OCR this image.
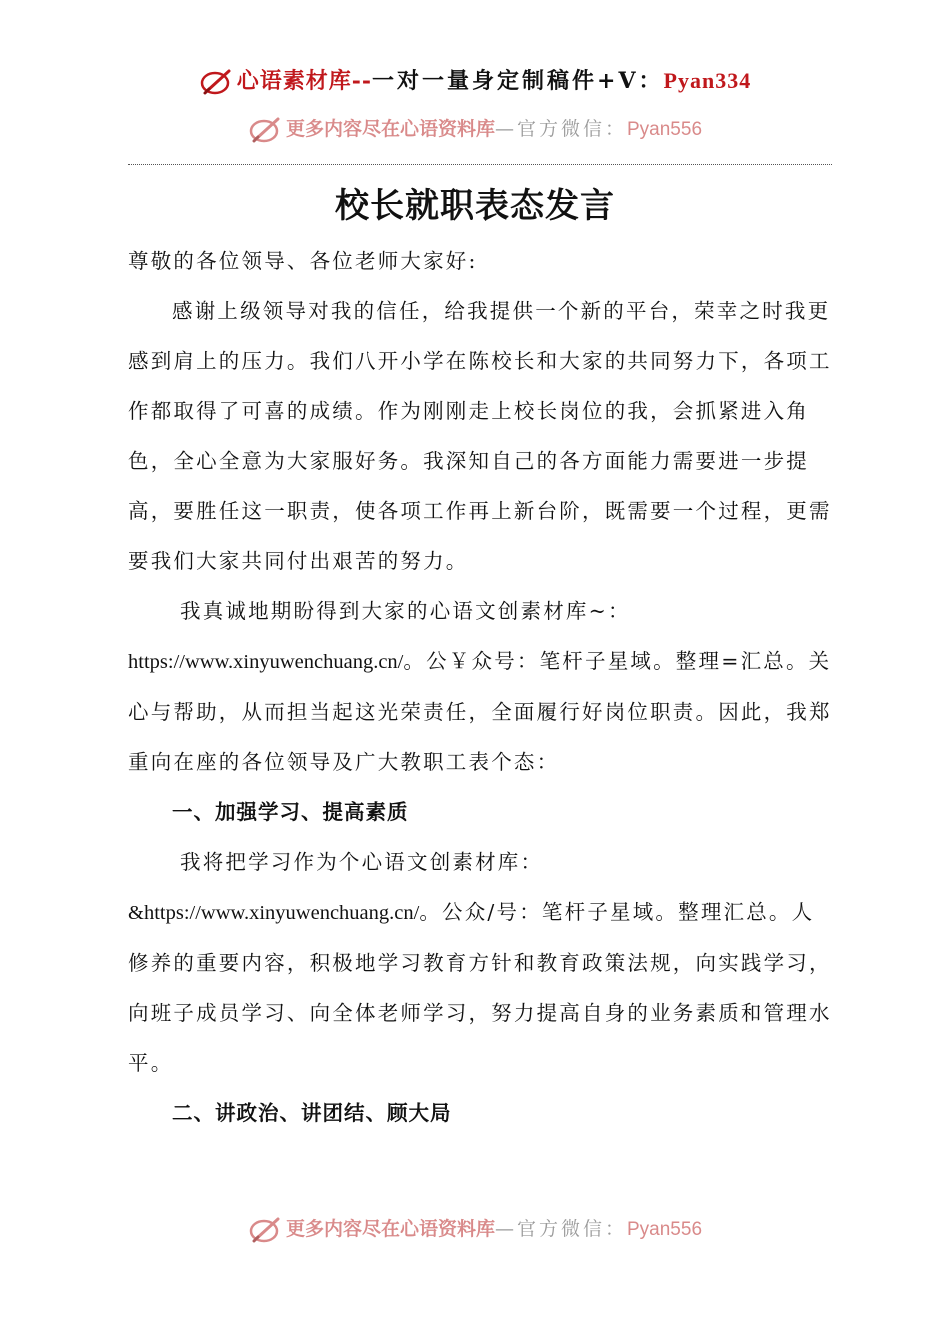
心语素材库--一对一量身定制稿件+V：Pyan334
更多内容尽在心语资料库—官方微信：Pyan556
校长就职表态发言

尊敬的各位领导、各位老师大家好:

感谢上级领导对我的信任，给我提供一个新的平台，荣幸之时我更感到肩上的压力。我们八开小学在陈校长和大家的共同努力下，各项工作都取得了可喜的成绩。作为刚刚走上校长岗位的我，会抓紧进入角色，全心全意为大家服好务。我深知自己的各方面能力需要进一步提高，要胜任这一职责，使各项工作再上新台阶，既需要一个过程，更需要我们大家共同付出艰苦的努力。

我真诚地期盼得到大家的心语文创素材库~：https://www.xinyuwenchuang.cn/。公￥众号：笔杆子星域。整理=汇总。关心与帮助，从而担当起这光荣责任，全面履行好岗位职责。因此，我郑重向在座的各位领导及广大教职工表个态：

一、加强学习、提高素质

我将把学习作为个心语文创素材库：&https://www.xinyuwenchuang.cn/。公众/号：笔杆子星域。整理汇总。人修养的重要内容，积极地学习教育方针和教育政策法规，向实践学习，向班子成员学习、向全体老师学习，努力提高自身的业务素质和管理水平。

二、讲政治、讲团结、顾大局

更多内容尽在心语资料库—官方微信：Pyan556
